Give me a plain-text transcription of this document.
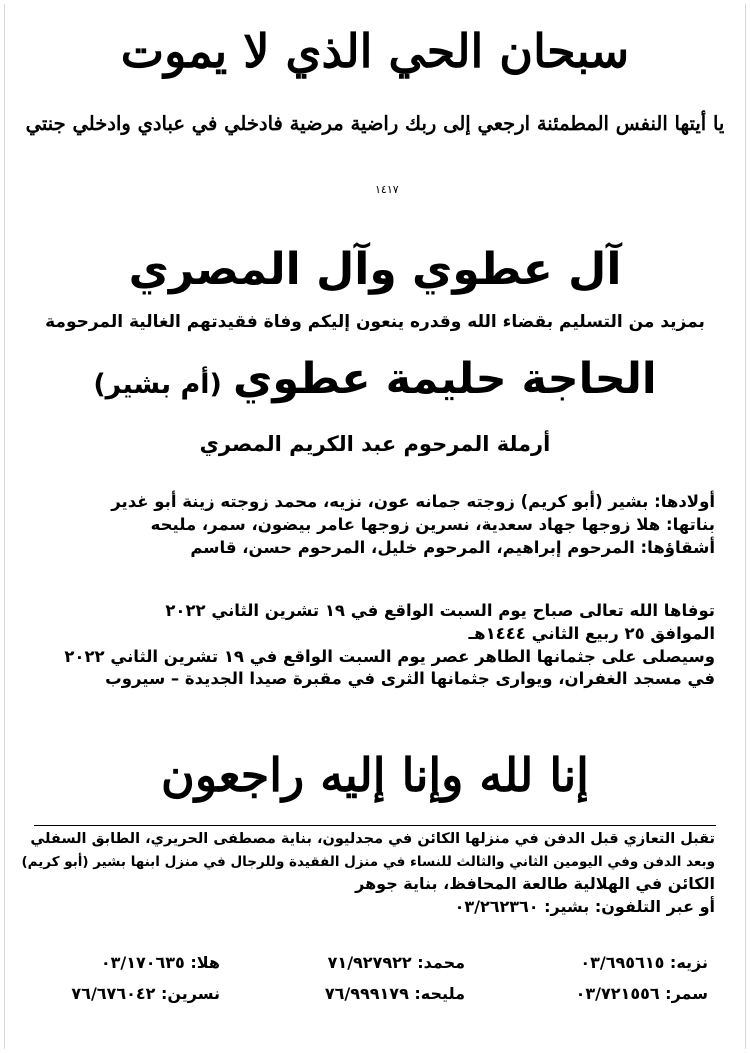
سبحان الحي الذي لا يموت
يا أيتها النفس المطمئنة ارجعي إلى ربك راضية مرضية فادخلي في عبادي وادخلي جنتي
١٤١٧
آل عطوي وآل المصري
بمزيد من التسليم بقضاء الله وقدره ينعون إليكم وفاة فقيدتهم الغالية المرحومة
الحاجة حليمة عطوي (أم بشير)
أرملة المرحوم عبد الكريم المصري
أولادها: بشير (أبو كريم) زوجته جمانه عون، نزيه، محمد زوجته زينة أبو غدير
بناتها: هلا زوجها جهاد سعدية، نسرين زوجها عامر بيضون، سمر، مليحه
أشقاؤها: المرحوم إبراهيم، المرحوم خليل، المرحوم حسن، قاسم
توفاها الله تعالى صباح يوم السبت الواقع في ١٩ تشرين الثاني ٢٠٢٢
الموافق ٢٥ ربيع الثاني ١٤٤٤هـ
وسيصلى على جثمانها الطاهر عصر يوم السبت الواقع في ١٩ تشرين الثاني ٢٠٢٢
في مسجد الغفران، ويوارى جثمانها الثرى في مقبرة صيدا الجديدة – سيروب
إنا لله وإنا إليه راجعون
تقبل التعازي قبل الدفن في منزلها الكائن في مجدليون، بناية مصطفى الحريري، الطابق السفلي
وبعد الدفن وفي اليومين الثاني والثالث للنساء في منزل الفقيدة وللرجال في منزل ابنها بشير (أبو كريم)
الكائن في الهلالية طالعة المحافظ، بناية جوهر
أو عبر التلفون: بشير: ٠٣/٢٦٢٣٦٠
نزيه: ٠٣/٦٩٥٦١٥
محمد: ٧١/٩٢٧٩٢٢
هلا: ٠٣/١٧٠٦٣٥
سمر: ٠٣/٧٢١٥٥٦
مليحه: ٧٦/٩٩٩١٧٩
نسرين: ٧٦/٦٧٦٠٤٢
